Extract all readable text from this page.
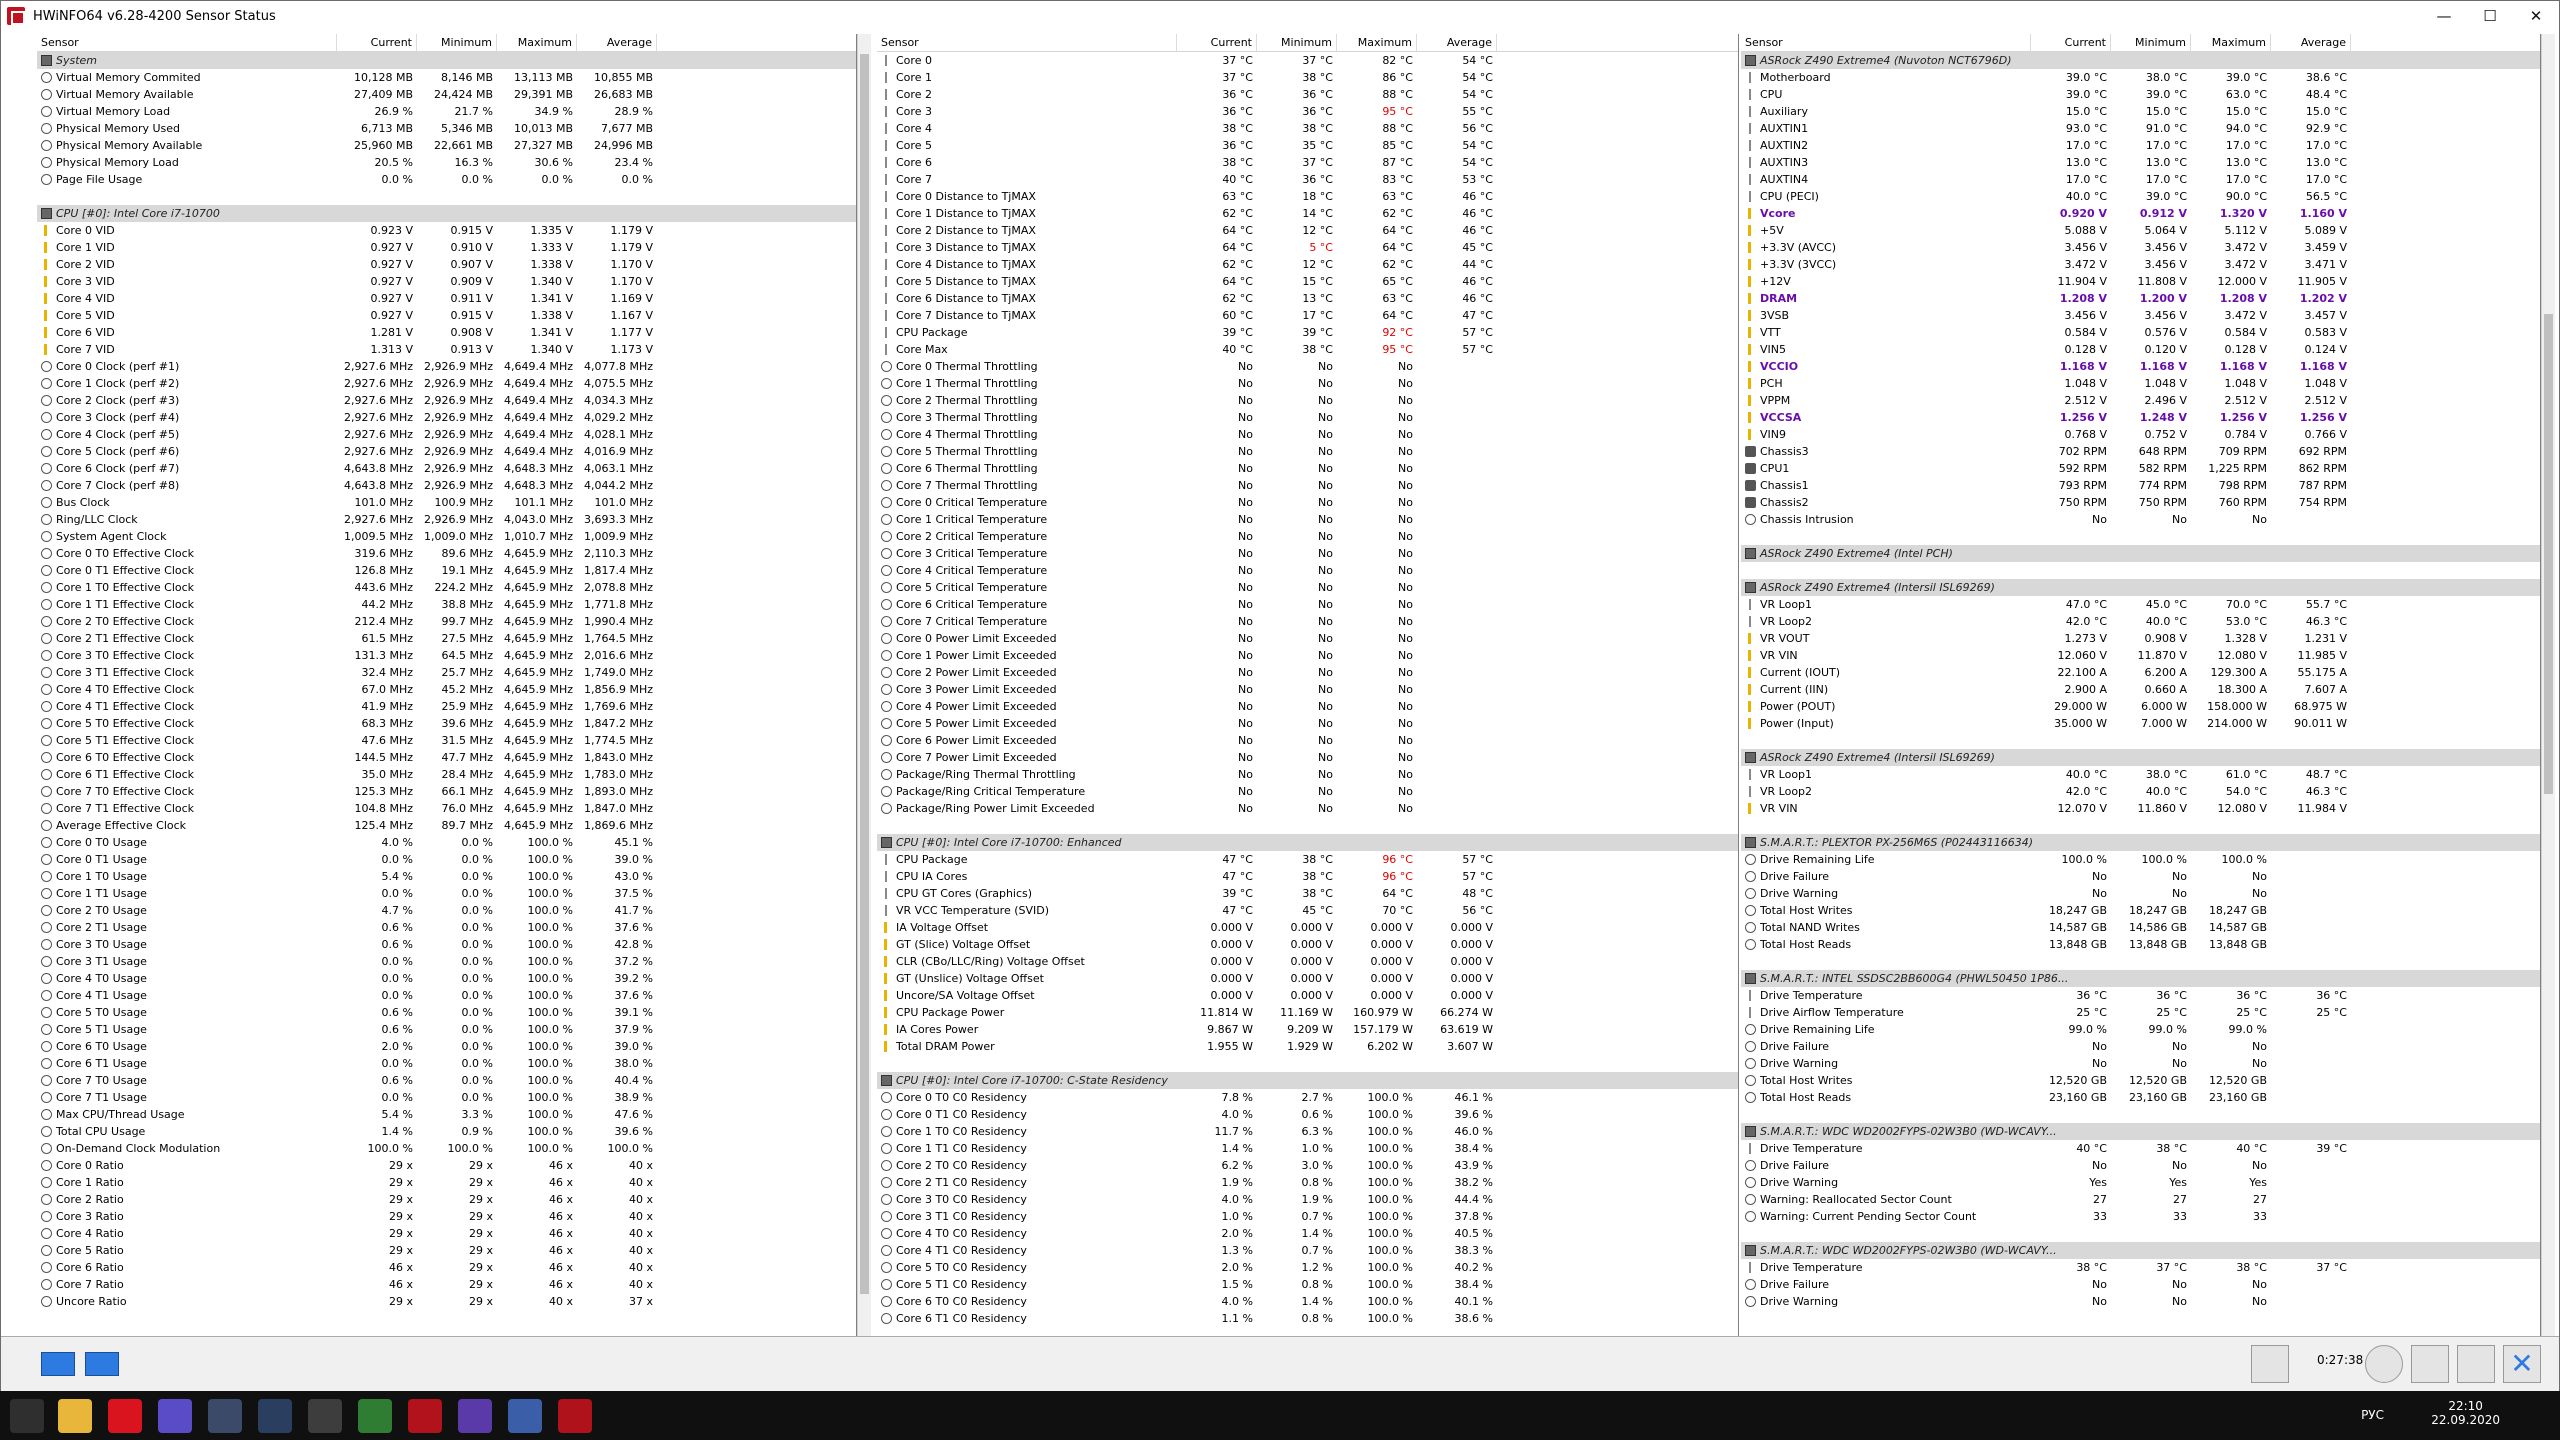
HWiNFO64 v6.28-4200 Sensor Status	—	☐	✕
Sensor	Current	Minimum	Maximum	Average
System
Virtual Memory Commited	10,128 MB	8,146 MB	13,113 MB	10,855 MB
Virtual Memory Available	27,409 MB	24,424 MB	29,391 MB	26,683 MB
Virtual Memory Load	26.9 %	21.7 %	34.9 %	28.9 %
Physical Memory Used	6,713 MB	5,346 MB	10,013 MB	7,677 MB
Physical Memory Available	25,960 MB	22,661 MB	27,327 MB	24,996 MB
Physical Memory Load	20.5 %	16.3 %	30.6 %	23.4 %
Page File Usage	0.0 %	0.0 %	0.0 %	0.0 %
CPU [#0]: Intel Core i7-10700
Core 0 VID	0.923 V	0.915 V	1.335 V	1.179 V
Core 1 VID	0.927 V	0.910 V	1.333 V	1.179 V
Core 2 VID	0.927 V	0.907 V	1.338 V	1.170 V
Core 3 VID	0.927 V	0.909 V	1.340 V	1.170 V
Core 4 VID	0.927 V	0.911 V	1.341 V	1.169 V
Core 5 VID	0.927 V	0.915 V	1.338 V	1.167 V
Core 6 VID	1.281 V	0.908 V	1.341 V	1.177 V
Core 7 VID	1.313 V	0.913 V	1.340 V	1.173 V
Core 0 Clock (perf #1)	2,927.6 MHz 2,926.9 MHz 4,649.4 MHz 4,077.8 MHz
Core 1 Clock (perf #2)	2,927.6 MHz 2,926.9 MHz 4,649.4 MHz 4,075.5 MHz
Core 2 Clock (perf #3)	2,927.6 MHz 2,926.9 MHz 4,649.4 MHz 4,034.3 MHz
Core 3 Clock (perf #4)	2,927.6 MHz 2,926.9 MHz 4,649.4 MHz 4,029.2 MHz
Core 4 Clock (perf #5)	2,927.6 MHz 2,926.9 MHz 4,649.4 MHz 4,028.1 MHz
Core 5 Clock (perf #6)	2,927.6 MHz 2,926.9 MHz 4,649.4 MHz 4,016.9 MHz
Core 6 Clock (perf #7)	4,643.8 MHz 2,926.9 MHz 4,648.3 MHz 4,063.1 MHz
Core 7 Clock (perf #8)	4,643.8 MHz 2,926.9 MHz 4,648.3 MHz 4,044.2 MHz
Bus Clock	101.0 MHz	100.9 MHz	101.1 MHz	101.0 MHz
Ring/LLC Clock	2,927.6 MHz 2,926.9 MHz 4,043.0 MHz 3,693.3 MHz
System Agent Clock	1,009.5 MHz 1,009.0 MHz 1,010.7 MHz 1,009.9 MHz
Core 0 T0 Effective Clock	319.6 MHz	89.6 MHz 4,645.9 MHz 2,110.3 MHz
Core 0 T1 Effective Clock	126.8 MHz	19.1 MHz 4,645.9 MHz 1,817.4 MHz
Core 1 T0 Effective Clock	443.6 MHz	224.2 MHz 4,645.9 MHz 2,078.8 MHz
Core 1 T1 Effective Clock	44.2 MHz	38.8 MHz 4,645.9 MHz 1,771.8 MHz
Core 2 T0 Effective Clock	212.4 MHz	99.7 MHz 4,645.9 MHz 1,990.4 MHz
Core 2 T1 Effective Clock	61.5 MHz	27.5 MHz 4,645.9 MHz 1,764.5 MHz
Core 3 T0 Effective Clock	131.3 MHz	64.5 MHz 4,645.9 MHz 2,016.6 MHz
Core 3 T1 Effective Clock	32.4 MHz	25.7 MHz 4,645.9 MHz 1,749.0 MHz
Core 4 T0 Effective Clock	67.0 MHz	45.2 MHz 4,645.9 MHz 1,856.9 MHz
Core 4 T1 Effective Clock	41.9 MHz	25.9 MHz 4,645.9 MHz 1,769.6 MHz
Core 5 T0 Effective Clock	68.3 MHz	39.6 MHz 4,645.9 MHz 1,847.2 MHz
Core 5 T1 Effective Clock	47.6 MHz	31.5 MHz 4,645.9 MHz 1,774.5 MHz
Core 6 T0 Effective Clock	144.5 MHz	47.7 MHz 4,645.9 MHz 1,843.0 MHz
Core 6 T1 Effective Clock	35.0 MHz	28.4 MHz 4,645.9 MHz 1,783.0 MHz
Core 7 T0 Effective Clock	125.3 MHz	66.1 MHz 4,645.9 MHz 1,893.0 MHz
Core 7 T1 Effective Clock	104.8 MHz	76.0 MHz 4,645.9 MHz 1,847.0 MHz
Average Effective Clock	125.4 MHz	89.7 MHz 4,645.9 MHz 1,869.6 MHz
Core 0 T0 Usage	4.0 %	0.0 %	100.0 %	45.1 %
Core 0 T1 Usage	0.0 %	0.0 %	100.0 %	39.0 %
Core 1 T0 Usage	5.4 %	0.0 %	100.0 %	43.0 %
Core 1 T1 Usage	0.0 %	0.0 %	100.0 %	37.5 %
Core 2 T0 Usage	4.7 %	0.0 %	100.0 %	41.7 %
Core 2 T1 Usage	0.6 %	0.0 %	100.0 %	37.6 %
Core 3 T0 Usage	0.6 %	0.0 %	100.0 %	42.8 %
Core 3 T1 Usage	0.0 %	0.0 %	100.0 %	37.2 %
Core 4 T0 Usage	0.0 %	0.0 %	100.0 %	39.2 %
Core 4 T1 Usage	0.0 %	0.0 %	100.0 %	37.6 %
Core 5 T0 Usage	0.6 %	0.0 %	100.0 %	39.1 %
Core 5 T1 Usage	0.6 %	0.0 %	100.0 %	37.9 %
Core 6 T0 Usage	2.0 %	0.0 %	100.0 %	39.0 %
Core 6 T1 Usage	0.0 %	0.0 %	100.0 %	38.0 %
Core 7 T0 Usage	0.6 %	0.0 %	100.0 %	40.4 %
Core 7 T1 Usage	0.0 %	0.0 %	100.0 %	38.9 %
Max CPU/Thread Usage	5.4 %	3.3 %	100.0 %	47.6 %
Total CPU Usage	1.4 %	0.9 %	100.0 %	39.6 %
On-Demand Clock Modulation	100.0 %	100.0 %	100.0 %	100.0 %
Core 0 Ratio	29 x	29 x	46 x	40 x
Core 1 Ratio	29 x	29 x	46 x	40 x
Core 2 Ratio	29 x	29 x	46 x	40 x
Core 3 Ratio	29 x	29 x	46 x	40 x
Core 4 Ratio	29 x	29 x	46 x	40 x
Core 5 Ratio	29 x	29 x	46 x	40 x
Core 6 Ratio	46 x	29 x	46 x	40 x
Core 7 Ratio	46 x	29 x	46 x	40 x
Uncore Ratio	29 x	29 x	40 x	37 x
Sensor	Current	Minimum	Maximum	Average
Core 0	37 °C	37 °C	82 °C	54 °C
Core 1	37 °C	38 °C	86 °C	54 °C
Core 2	36 °C	36 °C	88 °C	54 °C
Core 3	36 °C	36 °C	95 °C	55 °C
Core 4	38 °C	38 °C	88 °C	56 °C
Core 5	36 °C	35 °C	85 °C	54 °C
Core 6	38 °C	37 °C	87 °C	54 °C
Core 7	40 °C	36 °C	83 °C	53 °C
Core 0 Distance to TjMAX	63 °C	18 °C	63 °C	46 °C
Core 1 Distance to TjMAX	62 °C	14 °C	62 °C	46 °C
Core 2 Distance to TjMAX	64 °C	12 °C	64 °C	46 °C
Core 3 Distance to TjMAX	64 °C	5 °C	64 °C	45 °C
Core 4 Distance to TjMAX	62 °C	12 °C	62 °C	44 °C
Core 5 Distance to TjMAX	64 °C	15 °C	65 °C	46 °C
Core 6 Distance to TjMAX	62 °C	13 °C	63 °C	46 °C
Core 7 Distance to TjMAX	60 °C	17 °C	64 °C	47 °C
CPU Package	39 °C	39 °C	92 °C	57 °C
Core Max	40 °C	38 °C	95 °C	57 °C
Core 0 Thermal Throttling	No	No	No
Core 1 Thermal Throttling	No	No	No
Core 2 Thermal Throttling	No	No	No
Core 3 Thermal Throttling	No	No	No
Core 4 Thermal Throttling	No	No	No
Core 5 Thermal Throttling	No	No	No
Core 6 Thermal Throttling	No	No	No
Core 7 Thermal Throttling	No	No	No
Core 0 Critical Temperature	No	No	No
Core 1 Critical Temperature	No	No	No
Core 2 Critical Temperature	No	No	No
Core 3 Critical Temperature	No	No	No
Core 4 Critical Temperature	No	No	No
Core 5 Critical Temperature	No	No	No
Core 6 Critical Temperature	No	No	No
Core 7 Critical Temperature	No	No	No
Core 0 Power Limit Exceeded	No	No	No
Core 1 Power Limit Exceeded	No	No	No
Core 2 Power Limit Exceeded	No	No	No
Core 3 Power Limit Exceeded	No	No	No
Core 4 Power Limit Exceeded	No	No	No
Core 5 Power Limit Exceeded	No	No	No
Core 6 Power Limit Exceeded	No	No	No
Core 7 Power Limit Exceeded	No	No	No
Package/Ring Thermal Throttling	No	No	No
Package/Ring Critical Temperature	No	No	No
Package/Ring Power Limit Exceeded	No	No	No
CPU [#0]: Intel Core i7-10700: Enhanced
CPU Package	47 °C	38 °C	96 °C	57 °C
CPU IA Cores	47 °C	38 °C	96 °C	57 °C
CPU GT Cores (Graphics)	39 °C	38 °C	64 °C	48 °C
VR VCC Temperature (SVID)	47 °C	45 °C	70 °C	56 °C
IA Voltage Offset	0.000 V	0.000 V	0.000 V	0.000 V
GT (Slice) Voltage Offset	0.000 V	0.000 V	0.000 V	0.000 V
CLR (CBo/LLC/Ring) Voltage Offset	0.000 V	0.000 V	0.000 V	0.000 V
GT (Unslice) Voltage Offset	0.000 V	0.000 V	0.000 V	0.000 V
Uncore/SA Voltage Offset	0.000 V	0.000 V	0.000 V	0.000 V
CPU Package Power	11.814 W	11.169 W	160.979 W	66.274 W
IA Cores Power	9.867 W	9.209 W	157.179 W	63.619 W
Total DRAM Power	1.955 W	1.929 W	6.202 W	3.607 W
CPU [#0]: Intel Core i7-10700: C-State Residency
Core 0 T0 C0 Residency	7.8 %	2.7 %	100.0 %	46.1 %
Core 0 T1 C0 Residency	4.0 %	0.6 %	100.0 %	39.6 %
Core 1 T0 C0 Residency	11.7 %	6.3 %	100.0 %	46.0 %
Core 1 T1 C0 Residency	1.4 %	1.0 %	100.0 %	38.4 %
Core 2 T0 C0 Residency	6.2 %	3.0 %	100.0 %	43.9 %
Core 2 T1 C0 Residency	1.9 %	0.8 %	100.0 %	38.2 %
Core 3 T0 C0 Residency	4.0 %	1.9 %	100.0 %	44.4 %
Core 3 T1 C0 Residency	1.0 %	0.7 %	100.0 %	37.8 %
Core 4 T0 C0 Residency	2.0 %	1.4 %	100.0 %	40.5 %
Core 4 T1 C0 Residency	1.3 %	0.7 %	100.0 %	38.3 %
Core 5 T0 C0 Residency	2.0 %	1.2 %	100.0 %	40.2 %
Core 5 T1 C0 Residency	1.5 %	0.8 %	100.0 %	38.4 %
Core 6 T0 C0 Residency	4.0 %	1.4 %	100.0 %	40.1 %
Core 6 T1 C0 Residency	1.1 %	0.8 %	100.0 %	38.6 %
Sensor	Current	Minimum	Maximum	Average
ASRock Z490 Extreme4 (Nuvoton NCT6796D)
Motherboard	39.0 °C	38.0 °C	39.0 °C	38.6 °C
CPU	39.0 °C	39.0 °C	63.0 °C	48.4 °C
Auxiliary	15.0 °C	15.0 °C	15.0 °C	15.0 °C
AUXTIN1	93.0 °C	91.0 °C	94.0 °C	92.9 °C
AUXTIN2	17.0 °C	17.0 °C	17.0 °C	17.0 °C
AUXTIN3	13.0 °C	13.0 °C	13.0 °C	13.0 °C
AUXTIN4	17.0 °C	17.0 °C	17.0 °C	17.0 °C
CPU (PECI)	40.0 °C	39.0 °C	90.0 °C	56.5 °C
Vcore	0.920 V	0.912 V	1.320 V	1.160 V
+5V	5.088 V	5.064 V	5.112 V	5.089 V
+3.3V (AVCC)	3.456 V	3.456 V	3.472 V	3.459 V
+3.3V (3VCC)	3.472 V	3.456 V	3.472 V	3.471 V
+12V	11.904 V	11.808 V	12.000 V	11.905 V
DRAM	1.208 V	1.200 V	1.208 V	1.202 V
3VSB	3.456 V	3.456 V	3.472 V	3.457 V
VTT	0.584 V	0.576 V	0.584 V	0.583 V
VIN5	0.128 V	0.120 V	0.128 V	0.124 V
VCCIO	1.168 V	1.168 V	1.168 V	1.168 V
PCH	1.048 V	1.048 V	1.048 V	1.048 V
VPPM	2.512 V	2.496 V	2.512 V	2.512 V
VCCSA	1.256 V	1.248 V	1.256 V	1.256 V
VIN9	0.768 V	0.752 V	0.784 V	0.766 V
Chassis3	702 RPM	648 RPM	709 RPM	692 RPM
CPU1	592 RPM	582 RPM	1,225 RPM	862 RPM
Chassis1	793 RPM	774 RPM	798 RPM	787 RPM
Chassis2	750 RPM	750 RPM	760 RPM	754 RPM
Chassis Intrusion	No	No	No
ASRock Z490 Extreme4 (Intel PCH)
ASRock Z490 Extreme4 (Intersil ISL69269)
VR Loop1	47.0 °C	45.0 °C	70.0 °C	55.7 °C
VR Loop2	42.0 °C	40.0 °C	53.0 °C	46.3 °C
VR VOUT	1.273 V	0.908 V	1.328 V	1.231 V
VR VIN	12.060 V	11.870 V	12.080 V	11.985 V
Current (IOUT)	22.100 A	6.200 A	129.300 A	55.175 A
Current (IIN)	2.900 A	0.660 A	18.300 A	7.607 A
Power (POUT)	29.000 W	6.000 W	158.000 W	68.975 W
Power (Input)	35.000 W	7.000 W	214.000 W	90.011 W
ASRock Z490 Extreme4 (Intersil ISL69269)
VR Loop1	40.0 °C	38.0 °C	61.0 °C	48.7 °C
VR Loop2	42.0 °C	40.0 °C	54.0 °C	46.3 °C
VR VIN	12.070 V	11.860 V	12.080 V	11.984 V
S.M.A.R.T.: PLEXTOR PX-256M6S (P02443116634)
Drive Remaining Life	100.0 %	100.0 %	100.0 %
Drive Failure	No	No	No
Drive Warning	No	No	No
Total Host Writes	18,247 GB	18,247 GB	18,247 GB
Total NAND Writes	14,587 GB	14,586 GB	14,587 GB
Total Host Reads	13,848 GB	13,848 GB	13,848 GB
S.M.A.R.T.: INTEL SSDSC2BB600G4 (PHWL50450 1P86...
Drive Temperature	36 °C	36 °C	36 °C	36 °C
Drive Airflow Temperature	25 °C	25 °C	25 °C	25 °C
Drive Remaining Life	99.0 %	99.0 %	99.0 %
Drive Failure	No	No	No
Drive Warning	No	No	No
Total Host Writes	12,520 GB	12,520 GB	12,520 GB
Total Host Reads	23,160 GB	23,160 GB	23,160 GB
S.M.A.R.T.: WDC WD2002FYPS-02W3B0 (WD-WCAVY...
Drive Temperature	40 °C	38 °C	40 °C	39 °C
Drive Failure	No	No	No
Drive Warning	Yes	Yes	Yes
Warning: Reallocated Sector Count	27	27	27
Warning: Current Pending Sector Count	33	33	33
S.M.A.R.T.: WDC WD2002FYPS-02W3B0 (WD-WCAVY...
Drive Temperature	38 °C	37 °C	38 °C	37 °C
Drive Failure	No	No	No
Drive Warning	No	No	No
0:27:38	✕
РУС
22:10
22.09.2020
